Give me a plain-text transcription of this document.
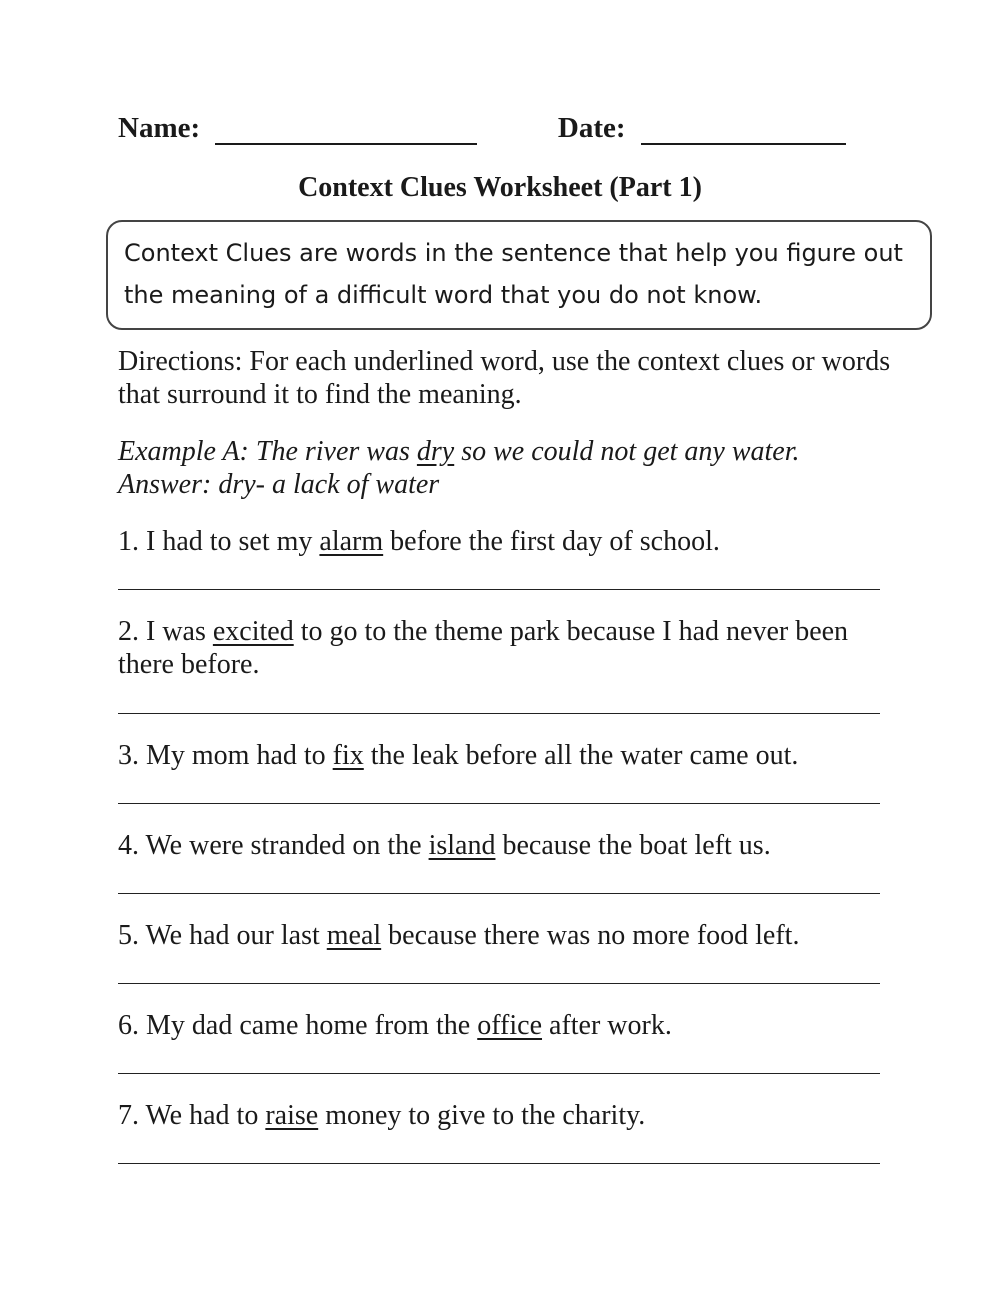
Name:	Date:
Context Clues Worksheet (Part 1)
Context Clues are words in the sentence that help you figure out the meaning of a difficult word that you do not know.
Directions: For each underlined word, use the context clues or words that surround it to find the meaning.
Example A: The river was dry so we could not get any water.
Answer: dry- a lack of water
1. I had to set my alarm before the first day of school.
2. I was excited to go to the theme park because I had never been there before.
3. My mom had to fix the leak before all the water came out.
4. We were stranded on the island because the boat left us.
5. We had our last meal because there was no more food left.
6. My dad came home from the office after work.
7. We had to raise money to give to the charity.
